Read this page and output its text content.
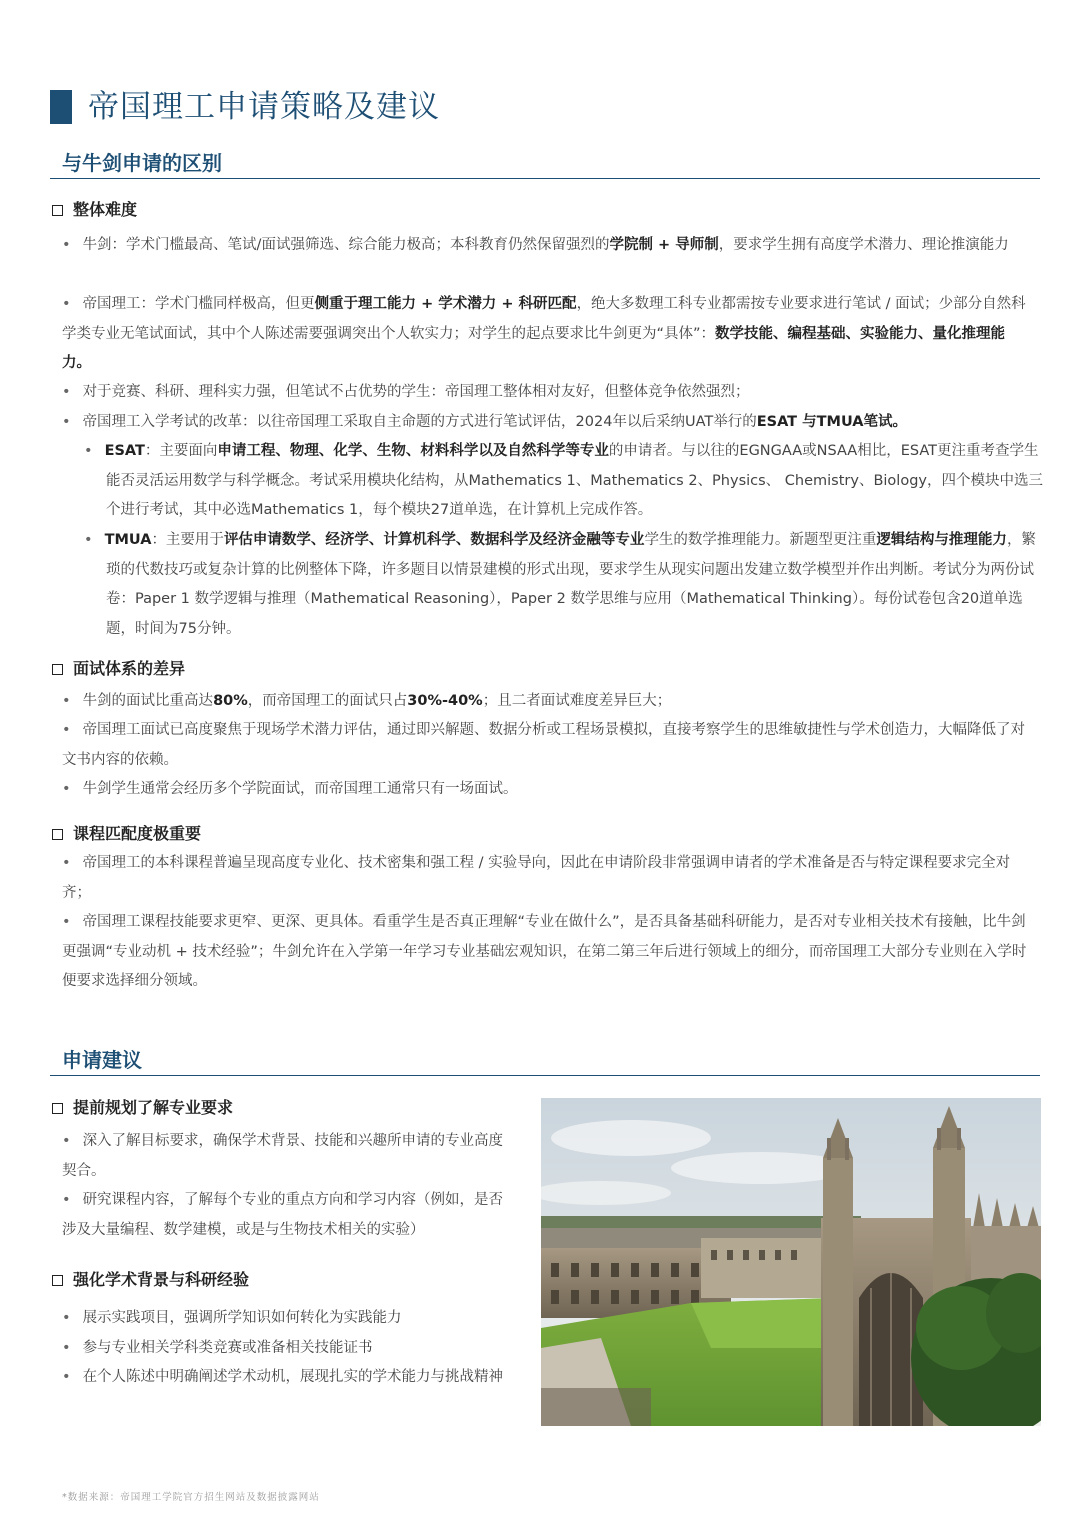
帝国理工申请策略及建议
与牛剑申请的区别
整体难度

• 牛剑：学术门槛最高、笔试/面试强筛选、综合能力极高；本科教育仍然保留强烈的学院制 + 导师制，要求学生拥有高度学术潜力、理论推演能力

• 帝国理工：学术门槛同样极高，但更侧重于理工能力 + 学术潜力 + 科研匹配，绝大多数理工科专业都需按专业要求进行笔试 / 面试；少部分自然科学类专业无笔试面试，其中个人陈述需要强调突出个人软实力；对学生的起点要求比牛剑更为“具体”：数学技能、编程基础、实验能力、量化推理能力。

• 对于竞赛、科研、理科实力强，但笔试不占优势的学生：帝国理工整体相对友好，但整体竞争依然强烈；

• 帝国理工入学考试的改革：以往帝国理工采取自主命题的方式进行笔试评估，2024年以后采纳UAT举行的ESAT 与TMUA笔试。

• ESAT：主要面向申请工程、物理、化学、生物、材料科学以及自然科学等专业的申请者。与以往的EGNGAA或NSAA相比，ESAT更注重考查学生能否灵活运用数学与科学概念。考试采用模块化结构，从Mathematics 1、Mathematics 2、Physics、 Chemistry、Biology，四个模块中选三个进行考试，其中必选Mathematics 1，每个模块27道单选，在计算机上完成作答。

• TMUA：主要用于评估申请数学、经济学、计算机科学、数据科学及经济金融等专业学生的数学推理能力。新题型更注重逻辑结构与推理能力，繁琐的代数技巧或复杂计算的比例整体下降，许多题目以情景建模的形式出现，要求学生从现实问题出发建立数学模型并作出判断。考试分为两份试卷：Paper 1 数学逻辑与推理（Mathematical Reasoning），Paper 2 数学思维与应用（Mathematical Thinking）。每份试卷包含20道单选题，时间为75分钟。

面试体系的差异

• 牛剑的面试比重高达80%，而帝国理工的面试只占30%-40%；且二者面试难度差异巨大；

• 帝国理工面试已高度聚焦于现场学术潜力评估，通过即兴解题、数据分析或工程场景模拟，直接考察学生的思维敏捷性与学术创造力，大幅降低了对文书内容的依赖。

• 牛剑学生通常会经历多个学院面试，而帝国理工通常只有一场面试。

课程匹配度极重要

• 帝国理工的本科课程普遍呈现高度专业化、技术密集和强工程 / 实验导向，因此在申请阶段非常强调申请者的学术准备是否与特定课程要求完全对齐；

• 帝国理工课程技能要求更窄、更深、更具体。看重学生是否真正理解“专业在做什么”，是否具备基础科研能力，是否对专业相关技术有接触，比牛剑更强调“专业动机 + 技术经验”；牛剑允许在入学第一年学习专业基础宏观知识，在第二第三年后进行领域上的细分，而帝国理工大部分专业则在入学时便要求选择细分领域。

申请建议
提前规划了解专业要求

• 深入了解目标要求，确保学术背景、技能和兴趣所申请的专业高度契合。

• 研究课程内容，了解每个专业的重点方向和学习内容（例如，是否涉及大量编程、数学建模，或是与生物技术相关的实验）

强化学术背景与科研经验

• 展示实践项目，强调所学知识如何转化为实践能力

• 参与专业相关学科类竞赛或准备相关技能证书

• 在个人陈述中明确阐述学术动机，展现扎实的学术能力与挑战精神

*数据来源：帝国理工学院官方招生网站及数据披露网站
